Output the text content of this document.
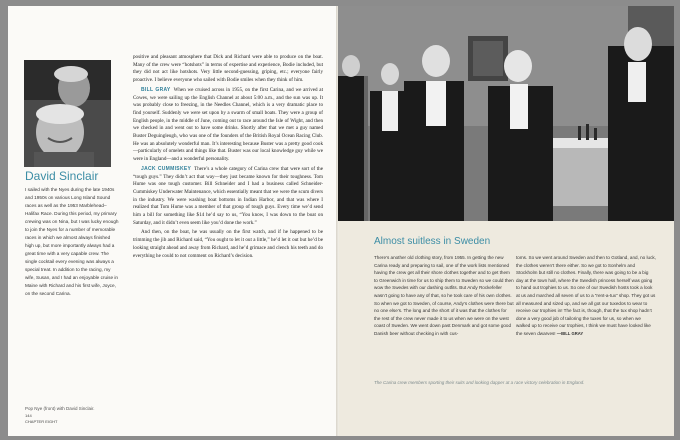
David Sinclair
I sailed with the Nyes during the late 1940s and 1950s on various Long Island Sound races as well as the 1953 Marblehead–Halifax Race. During this period, my primary crewing was on Nina, but I was lucky enough to join the Nyes for a number of memorable races in which we almost always finished high up, but more importantly always had a great time with a very capable crew. The single cocktail every evening was always a special treat. In addition to the racing, my wife, Susan, and I had an enjoyable cruise in Maine with Richard and his first wife, Joyce, on the second Carina.
Pop Nye (front) with David Sinclair.
144
CHAPTER EIGHT

positive and pleasant atmosphere that Dick and Richard were able to produce on the boat. Many of the crew were “hotshots” in terms of expertise and experience, Bodie included, but they did not act like hotshots. Very little second-guessing, griping, etc.; everyone fairly proactive. I believe everyone who sailed with Bodie smiles when they think of him.

BILL GRAY When we cruised across in 1955, on the first Carina, and we arrived at Cowes, we were sailing up the English Channel at about 5:00 a.m., and the sun was up. It was probably close to freezing, in the Needles Channel, which is a very dramatic place to find yourself. Suddenly we were set upon by a swarm of small boats. They were a group of English people, in the middle of June, coming out to race around the Isle of Wight, and then we checked in and went out to have some drinks. Shortly after that we met a guy named Buster Deguingleugh, who was one of the founders of the British Royal Ocean Racing Club. He was an absolutely wonderful man. It’s interesting because Buster was a pretty good cook—particularly of omelets and things like that. Buster was our local knowledge guy while we were in England—and a wonderful personality.

JACK CUMMISKEY There’s a whole category of Carina crew that were sort of the “tough guys.” They didn’t act that way—they just became known for their toughness. Tom Hume was one tough customer. Bill Schneider and I had a business called Schneider-Cummiskey Underwater Maintenance, which essentially meant that we were the scum divers in the industry. We were washing boat bottoms in Indian Harbor, and that was where I realized that Tom Hume was a member of that group of tough guys. Every time we’d send him a bill for something like $14 he’d say to us, “You know, I was down to the boat on Saturday, and it didn’t even seem like you’d done the work.”

And then, on the boat, he was usually on the first watch, and if he happened to be trimming the jib and Richard said, “You ought to let it out a little,” he’d let it out but he’d be looking straight ahead and away from Richard, and he’d grimace and clench his teeth and do everything he could to not comment on Richard’s decision.

Almost suitless in Sweden
There’s another old clothing story, from 1955. In getting the new Carina ready and preparing to sail, one of the work lists mentioned having the crew get all their shore clothes together and to get them to Greenwich in time for us to ship them to Sweden so we could then wow the Swedes with our dashing outfits. But Andy Rockefeller wasn’t going to have any of that, so he took care of his own clothes. So when we got to Sweden, of course, Andy’s clothes were there but no one else’s. The long and the short of it was that the clothes for the rest of the crew never made it to us when we were on the west coast of Sweden. We went down past Denmark and got some good Danish beer without checking in with cus-
toms. So we went around Sweden and then to Gotland, and, no luck, the clothes weren’t there either. So we got to Sonhelm and Stockholm but still no clothes. Finally, there was going to be a big day at the town hall, where the Swedish princess herself was going to hand out trophies to us. So one of our Swedish hosts took a look at us and marched all seven of us to a “rent-a-tux” shop. They got us all measured and sized up, and we all got our tuxedos to wear to receive our trophies in! The fact is, though, that the tux shop hadn’t done a very good job of tailoring the tuxes for us, so when we walked up to receive our trophies, I think we must have looked like the seven dwarves! —BILL GRAY
The Carina crew members sporting their suits and looking dapper at a race victory celebration in England.
